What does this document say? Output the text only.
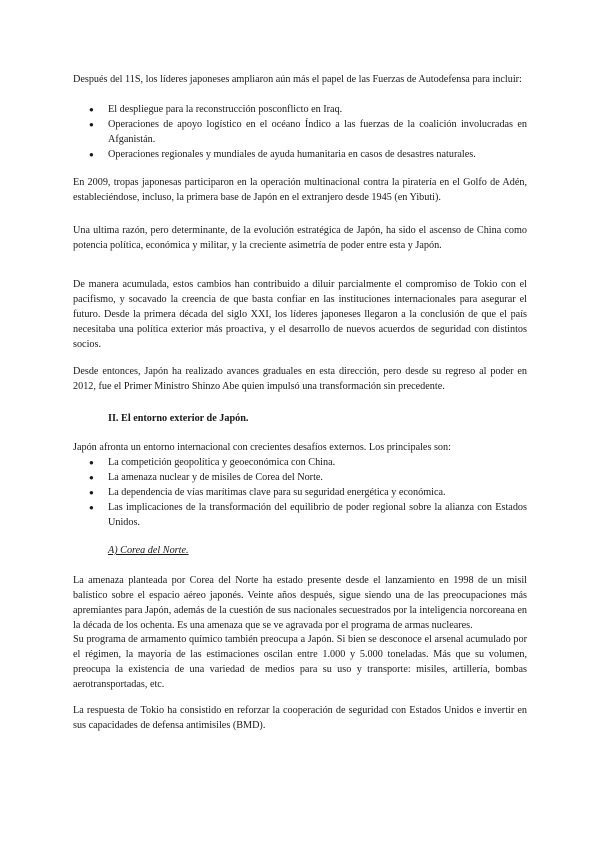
Después del 11S, los líderes japoneses ampliaron aún más el papel de las Fuerzas de Autodefensa para incluir:

● El despliegue para la reconstrucción posconflicto en Iraq.
● Operaciones de apoyo logístico en el océano Índico a las fuerzas de la coalición involucradas en Afganistán.
● Operaciones regionales y mundiales de ayuda humanitaria en casos de desastres naturales.

En 2009, tropas japonesas participaron en la operación multinacional contra la piratería en el Golfo de Adén, estableciéndose, incluso, la primera base de Japón en el extranjero desde 1945 (en Yibuti).

Una ultima razón, pero determinante, de la evolución estratégica de Japón, ha sido el ascenso de China como potencia política, económica y militar, y la creciente asimetría de poder entre esta y Japón.

De manera acumulada, estos cambios han contribuido a diluir parcialmente el compromiso de Tokio con el pacifismo, y socavado la creencia de que basta confiar en las instituciones internacionales para asegurar el futuro. Desde la primera década del siglo XXI, los líderes japoneses llegaron a la conclusión de que el país necesitaba una política exterior más proactiva, y el desarrollo de nuevos acuerdos de seguridad con distintos socios.

Desde entonces, Japón ha realizado avances graduales en esta dirección, pero desde su regreso al poder en 2012, fue el Primer Ministro Shinzo Abe quien impulsó una transformación sin precedente.

II. El entorno exterior de Japón.

Japón afronta un entorno internacional con crecientes desafíos externos. Los principales son:

● La competición geopolítica y geoeconómica con China.
● La amenaza nuclear y de misiles de Corea del Norte.
● La dependencia de vías marítimas clave para su seguridad energética y económica.
● Las implicaciones de la transformación del equilibrio de poder regional sobre la alianza con Estados Unidos.

A) Corea del Norte.

La amenaza planteada por Corea del Norte ha estado presente desde el lanzamiento en 1998 de un misil balístico sobre el espacio aéreo japonés. Veinte años después, sigue siendo una de las preocupaciones más apremiantes para Japón, además de la cuestión de sus nacionales secuestrados por la inteligencia norcoreana en la década de los ochenta. Es una amenaza que se ve agravada por el programa de armas nucleares.

Su programa de armamento químico también preocupa a Japón. Si bien se desconoce el arsenal acumulado por el régimen, la mayoría de las estimaciones oscilan entre 1.000 y 5.000 toneladas. Más que su volumen, preocupa la existencia de una variedad de medios para su uso y transporte: misiles, artillería, bombas aerotransportadas, etc.

La respuesta de Tokio ha consistido en reforzar la cooperación de seguridad con Estados Unidos e invertir en sus capacidades de defensa antimisiles (BMD).
